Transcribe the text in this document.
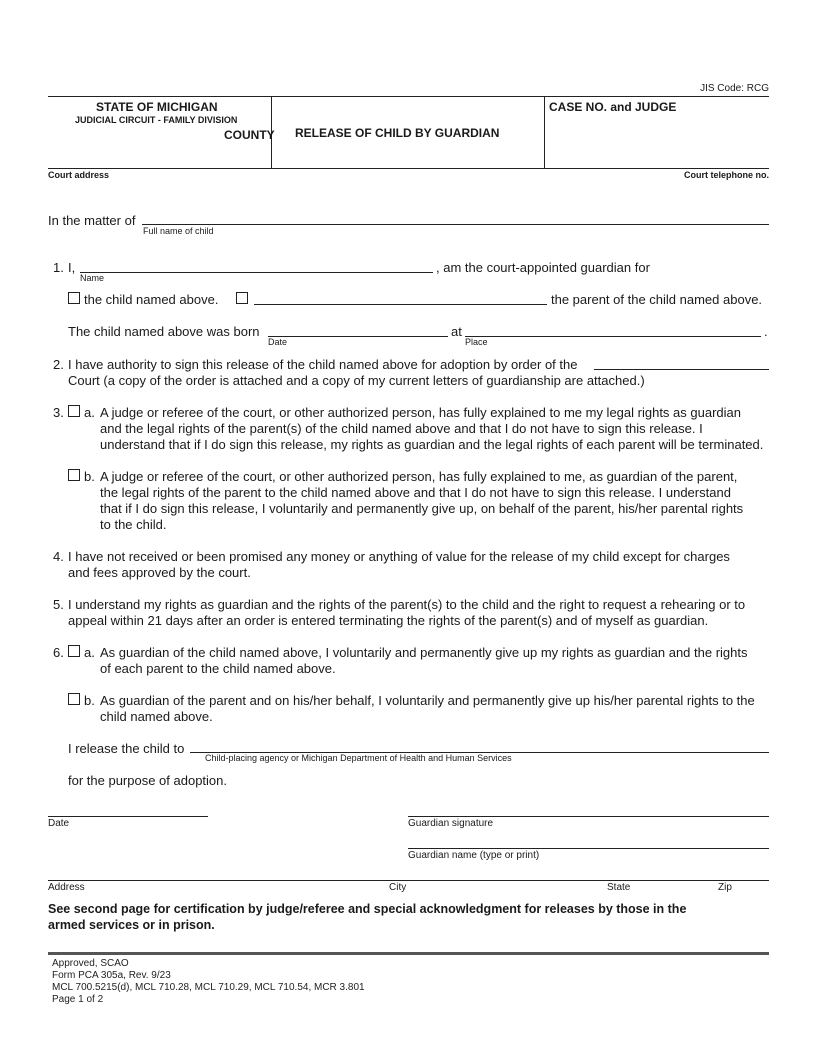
JIS Code: RCG
STATE OF MICHIGAN
JUDICIAL CIRCUIT - FAMILY DIVISION
COUNTY RELEASE OF CHILD BY GUARDIAN
CASE NO. and JUDGE
Court address	Court telephone no.
In the matter of
Full name of child
1. I,
Name
, am the court-appointed guardian for
the child named above.	the parent of the child named above.
The child named above was born
Date
at
Place
.
2. I have authority to sign this release of the child named above for adoption by order of the
Court (a copy of the order is attached and a copy of my current letters of guardianship are attached.)
3. a. A judge or referee of the court, or other authorized person, has fully explained to me my legal rights as guardian
and the legal rights of the parent(s) of the child named above and that I do not have to sign this release. I
understand that if I do sign this release, my rights as guardian and the legal rights of each parent will be terminated.
b. A judge or referee of the court, or other authorized person, has fully explained to me, as guardian of the parent,
the legal rights of the parent to the child named above and that I do not have to sign this release. I understand
that if I do sign this release, I voluntarily and permanently give up, on behalf of the parent, his/her parental rights
to the child.
4. I have not received or been promised any money or anything of value for the release of my child except for charges
and fees approved by the court.
5. I understand my rights as guardian and the rights of the parent(s) to the child and the right to request a rehearing or to
appeal within 21 days after an order is entered terminating the rights of the parent(s) and of myself as guardian.
6. a. As guardian of the child named above, I voluntarily and permanently give up my rights as guardian and the rights
of each parent to the child named above.
b. As guardian of the parent and on his/her behalf, I voluntarily and permanently give up his/her parental rights to the
child named above.
I release the child to
Child-placing agency or Michigan Department of Health and Human Services
for the purpose of adoption.
Date	Guardian signature
Guardian name (type or print)
Address	City	State	Zip
See second page for certification by judge/referee and special acknowledgment for releases by those in the
armed services or in prison.
Approved, SCAO
Form PCA 305a, Rev. 9/23
MCL 700.5215(d), MCL 710.28, MCL 710.29, MCL 710.54, MCR 3.801
Page 1 of 2
